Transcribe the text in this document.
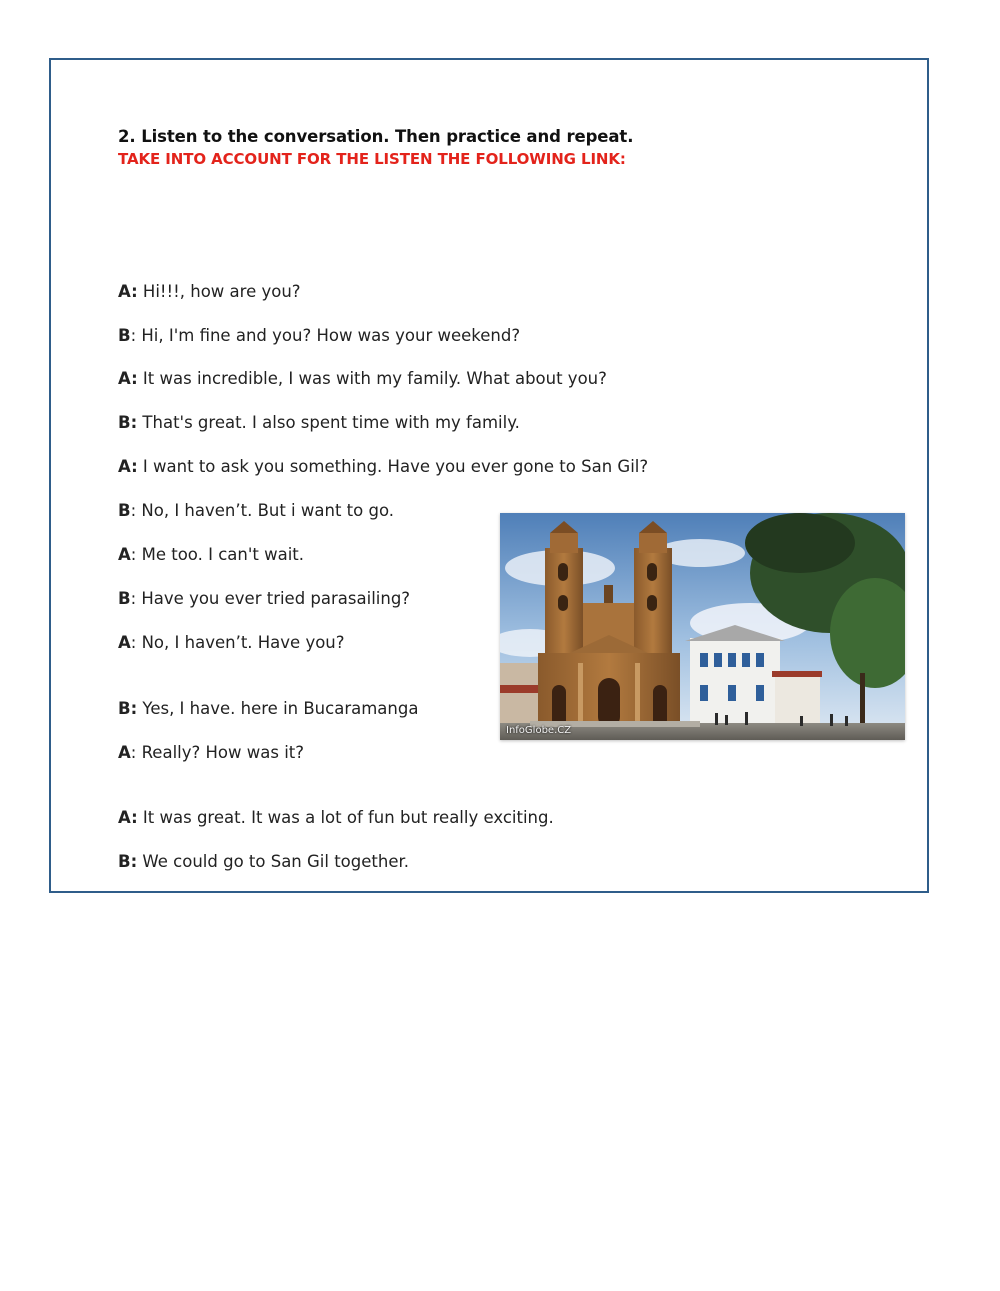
2. Listen to the conversation. Then practice and repeat.
TAKE INTO ACCOUNT FOR THE LISTEN THE FOLLOWING LINK:
A: Hi!!!, how are you?
B: Hi, I'm fine and you? How was your weekend?
A: It was incredible, I was with my family. What about you?
B: That's great. I also spent time with my family.
A: I want to ask you something. Have you ever gone to San Gil?
B: No, I haven’t. But i want to go.
A: Me too. I can't wait.
B: Have you ever tried parasailing?
A: No, I haven’t. Have you?
B: Yes, I have. here in Bucaramanga
A: Really? How was it?
A: It was great. It was a lot of fun but really exciting.
B: We could go to San Gil together.
InfoGlobe.CZ
